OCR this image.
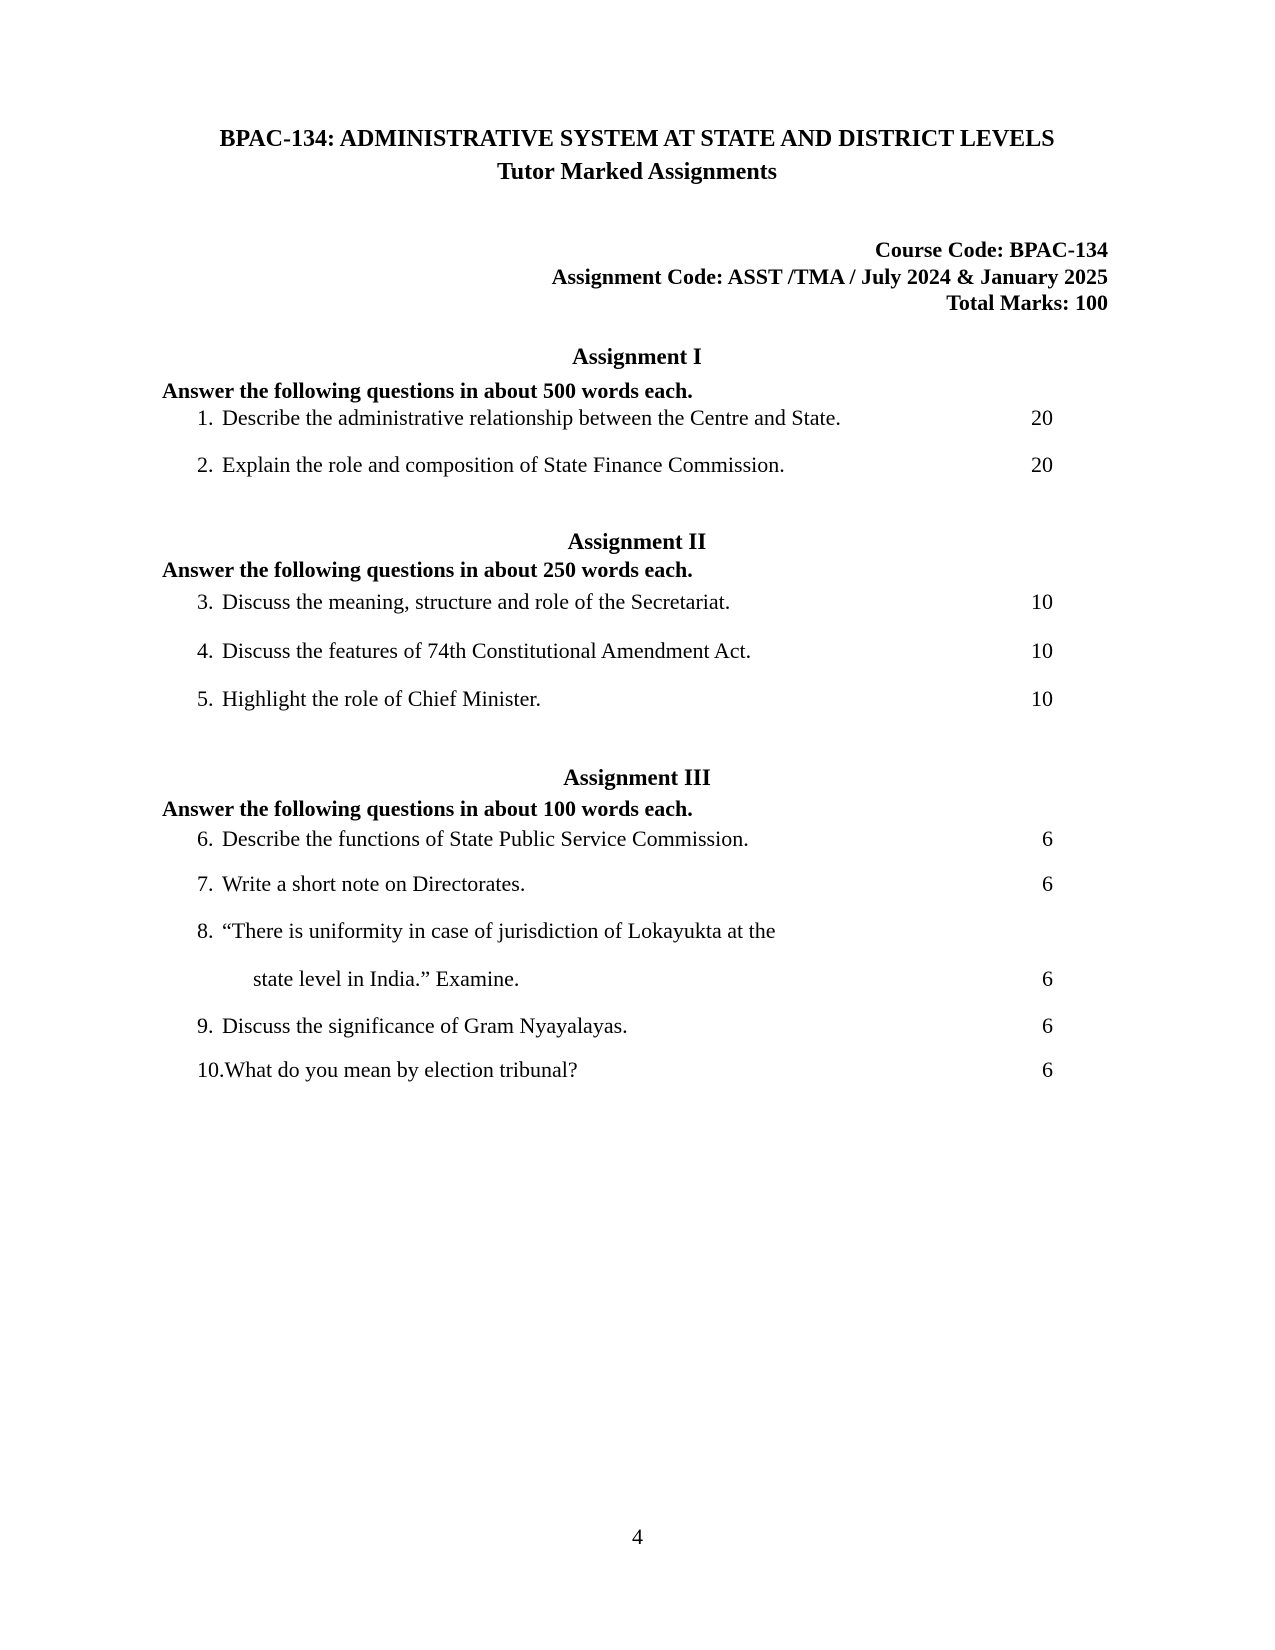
BPAC-134: ADMINISTRATIVE SYSTEM AT STATE AND DISTRICT LEVELS
Tutor Marked Assignments
Course Code: BPAC-134
Assignment Code: ASST /TMA / July 2024 & January 2025
Total Marks: 100
Assignment I
Answer the following questions in about 500 words each.
1. Describe the administrative relationship between the Centre and State.	20
2. Explain the role and composition of State Finance Commission.	20
Assignment II
Answer the following questions in about 250 words each.
3. Discuss the meaning, structure and role of the Secretariat.	10
4. Discuss the features of 74th Constitutional Amendment Act.	10
5. Highlight the role of Chief Minister.	10
Assignment III
Answer the following questions in about 100 words each.
6. Describe the functions of State Public Service Commission.	6
7. Write a short note on Directorates.	6
8. “There is uniformity in case of jurisdiction of Lokayukta at the
state level in India.” Examine.	6
9. Discuss the significance of Gram Nyayalayas.	6
10. What do you mean by election tribunal?	6
4
